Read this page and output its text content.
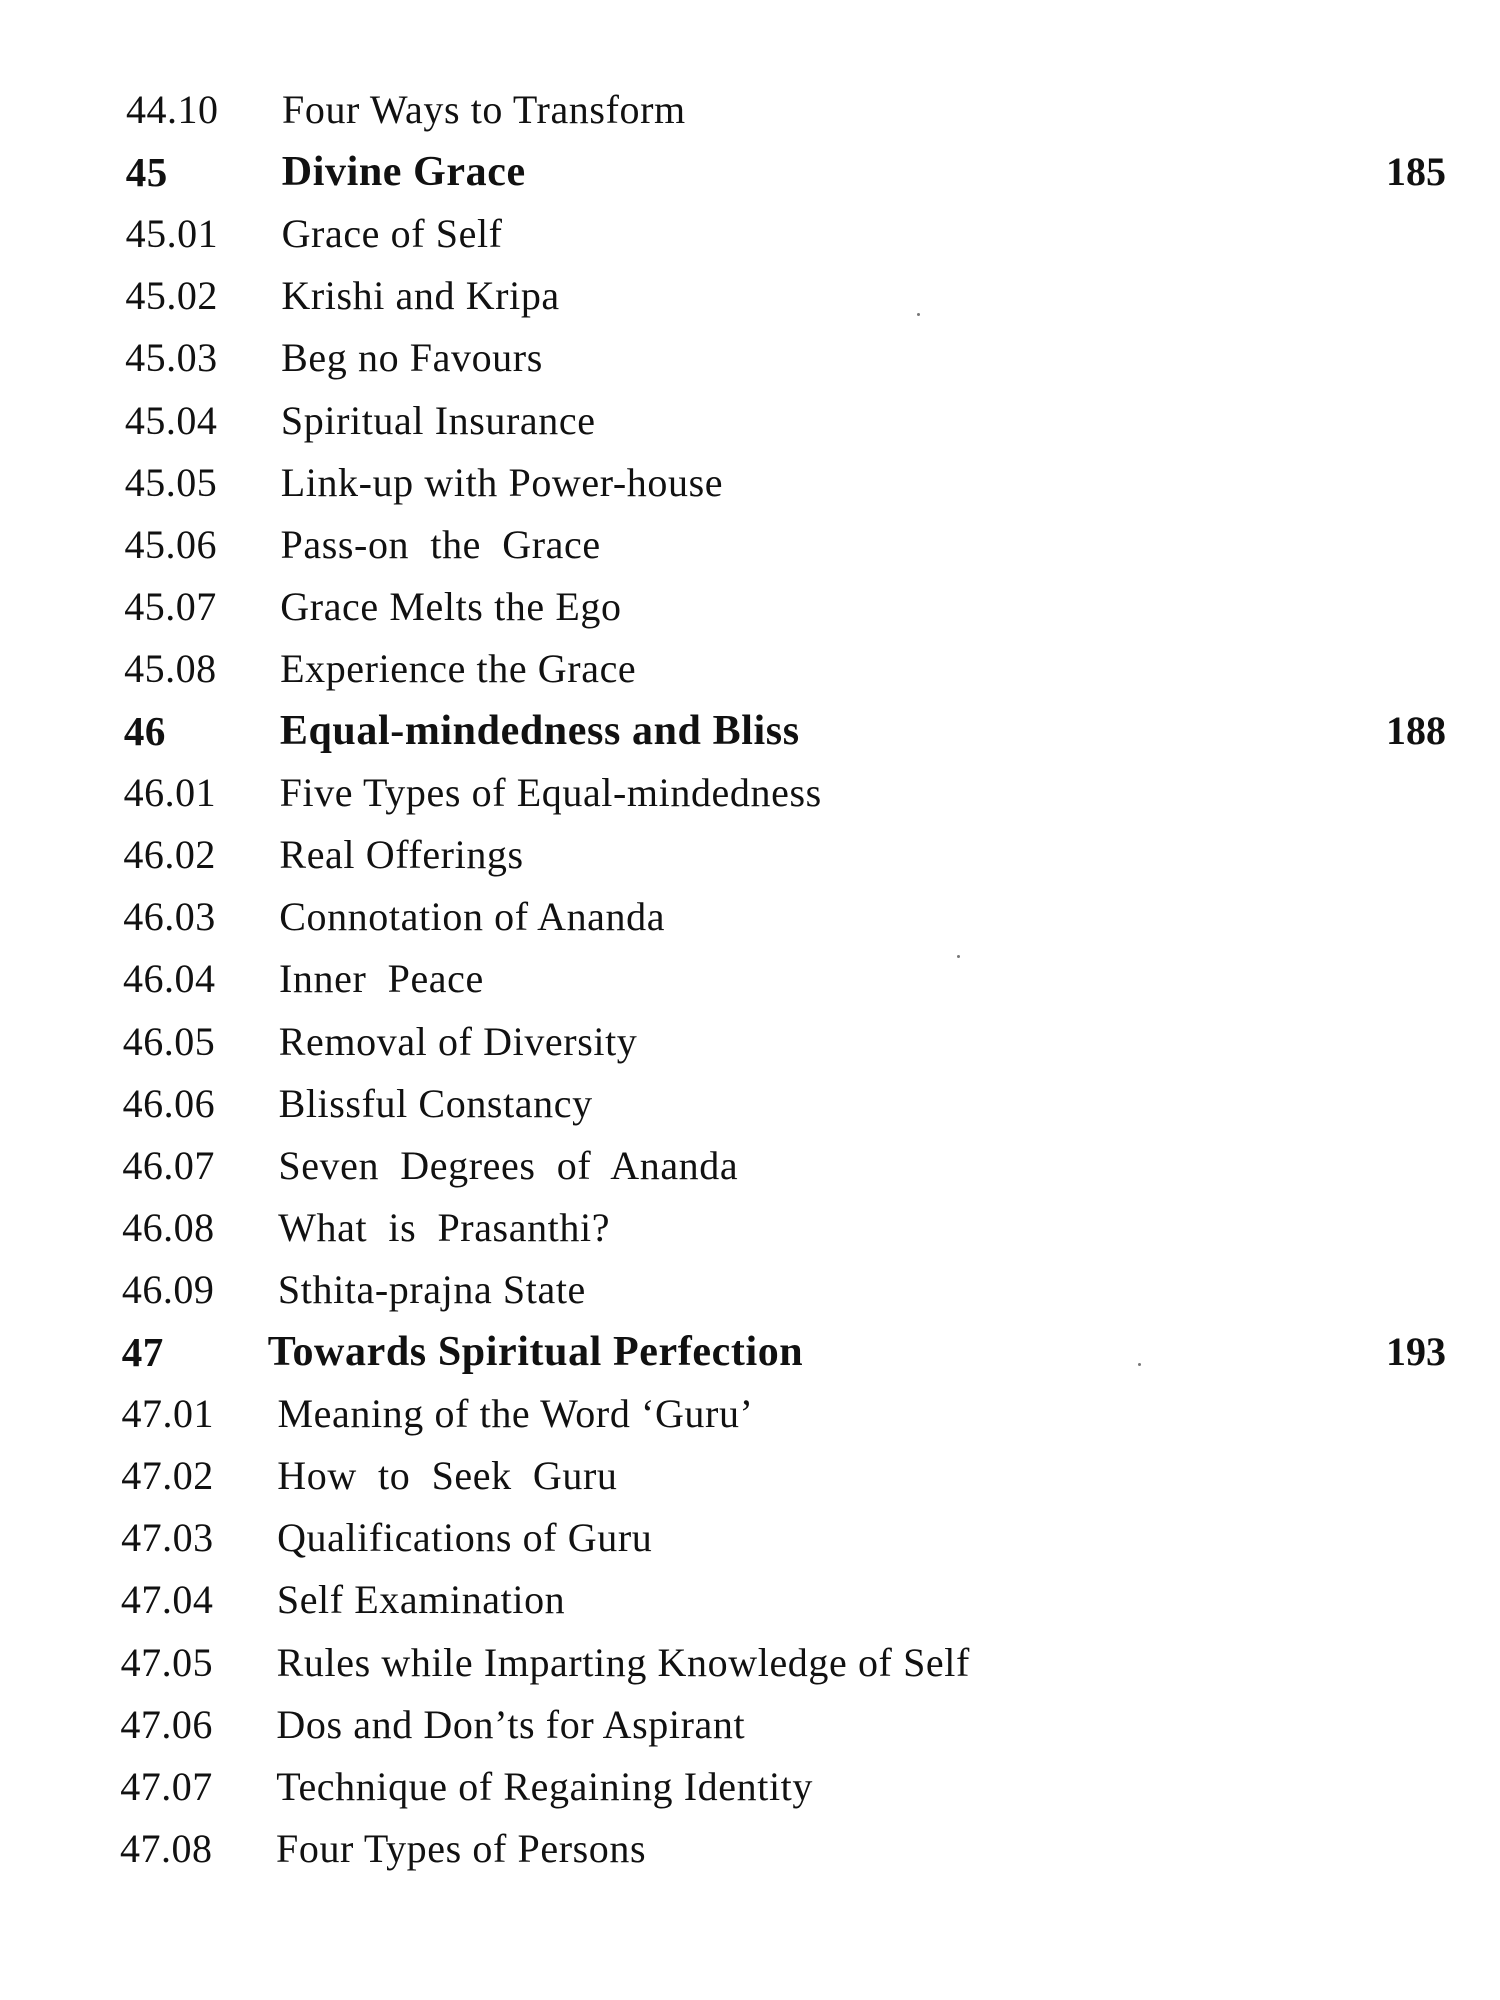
44.10 Four Ways to Transform
45	Divine Grace	185
45.01 Grace of Self
45.02 Krishi and Kripa
45.03 Beg no Favours
45.04 Spiritual Insurance
45.05 Link-up with Power-house
45.06 Pass-on  the  Grace
45.07 Grace Melts the Ego
45.08 Experience the Grace
46	Equal-mindedness and Bliss	188
46.01 Five Types of Equal-mindedness
46.02 Real Offerings
46.03 Connotation of Ananda
46.04 Inner  Peace
46.05 Removal of Diversity
46.06 Blissful Constancy
46.07 Seven  Degrees  of  Ananda
46.08 What  is  Prasanthi?
46.09 Sthita-prajna State
47 Towards Spiritual Perfection	193
47.01 Meaning of the Word ‘Guru’
47.02 How  to  Seek  Guru
47.03 Qualifications of Guru
47.04 Self Examination
47.05 Rules while Imparting Knowledge of Self
47.06 Dos and Don’ts for Aspirant
47.07 Technique of Regaining Identity
47.08 Four Types of Persons
